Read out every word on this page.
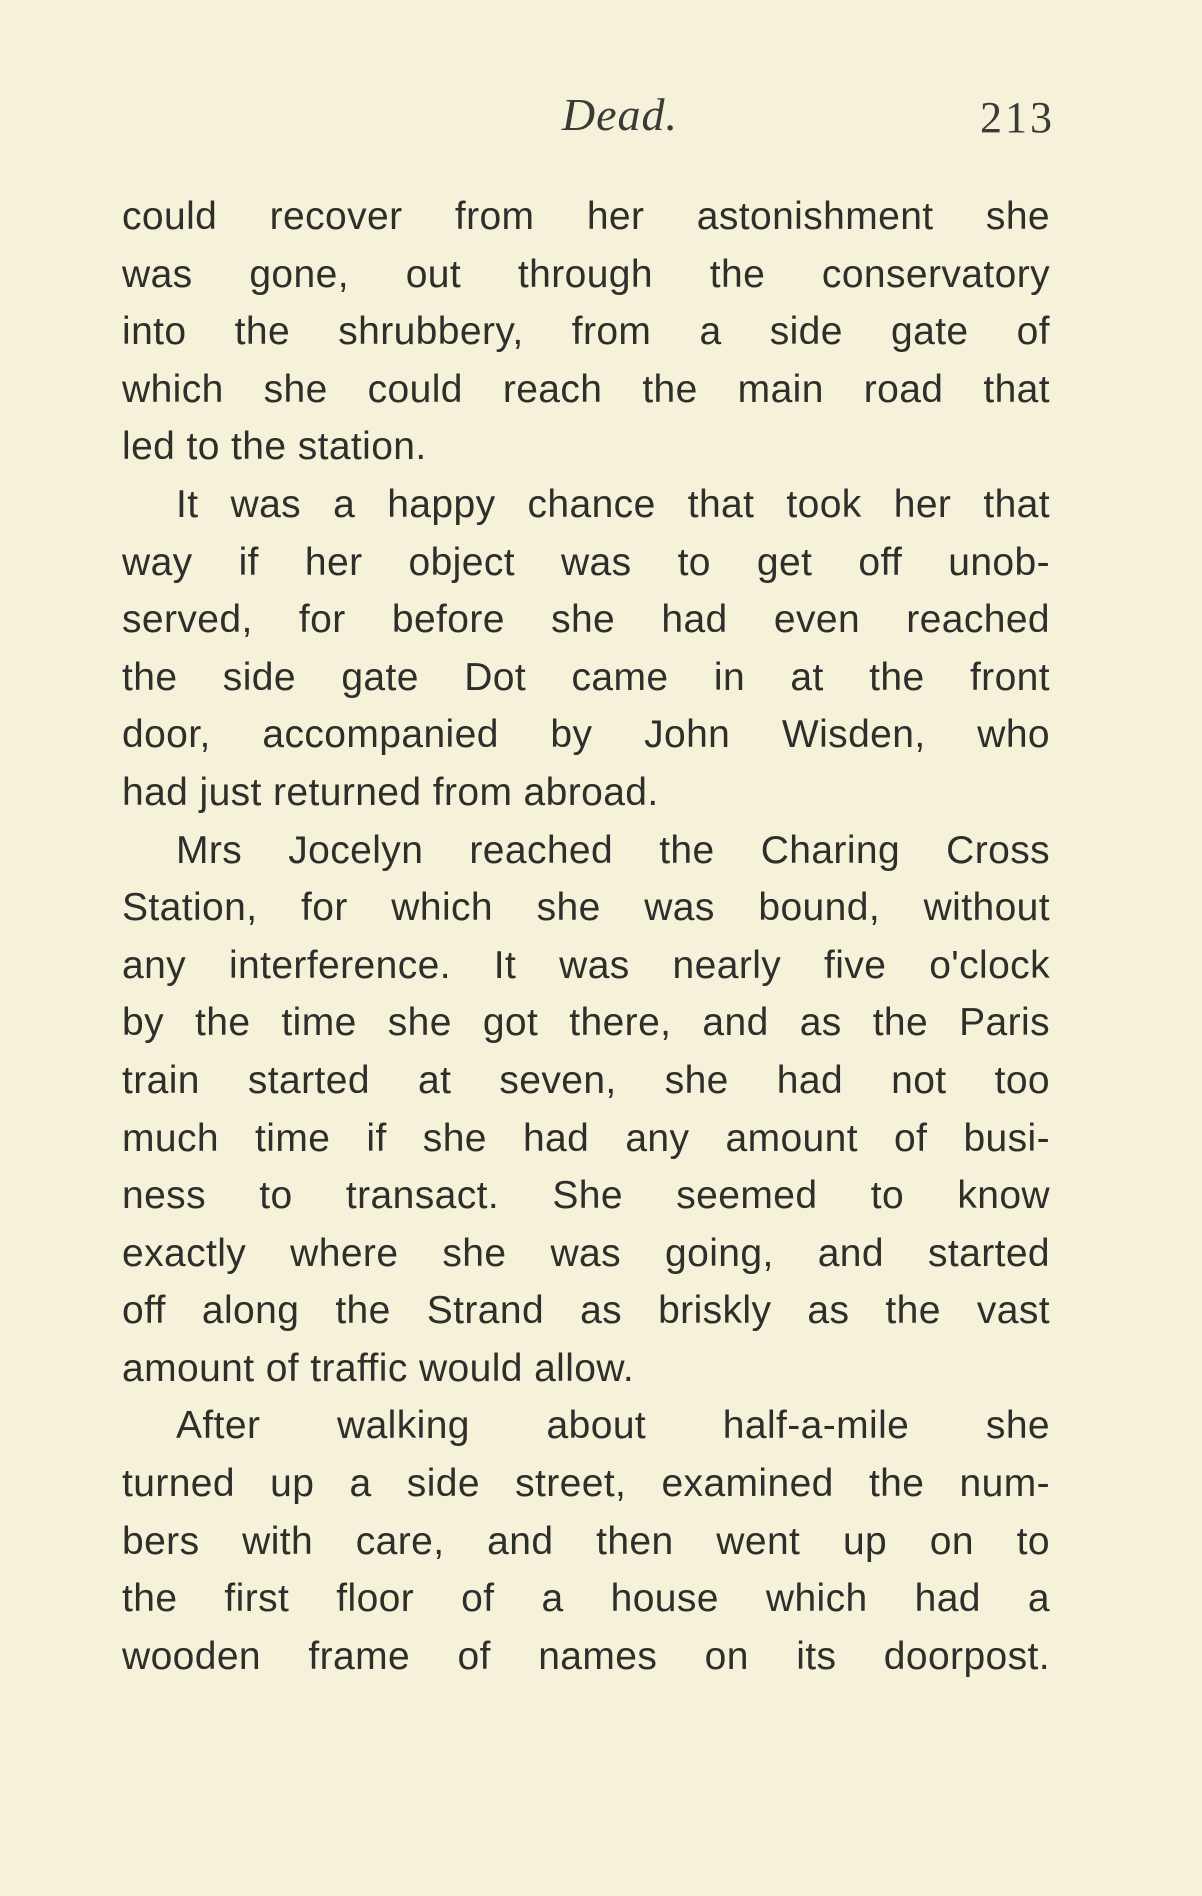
Dead.	213
could recover from her astonishment she
was gone, out through the conservatory
into the shrubbery, from a side gate of
which she could reach the main road that
led to the station.
It was a happy chance that took her that
way if her object was to get off unob-
served, for before she had even reached
the side gate Dot came in at the front
door, accompanied by John Wisden, who
had just returned from abroad.
Mrs Jocelyn reached the Charing Cross
Station, for which she was bound, without
any interference. It was nearly five o'clock
by the time she got there, and as the Paris
train started at seven, she had not too
much time if she had any amount of busi-
ness to transact. She seemed to know
exactly where she was going, and started
off along the Strand as briskly as the vast
amount of traffic would allow.
After walking about half-a-mile she
turned up a side street, examined the num-
bers with care, and then went up on to
the first floor of a house which had a
wooden frame of names on its doorpost.
